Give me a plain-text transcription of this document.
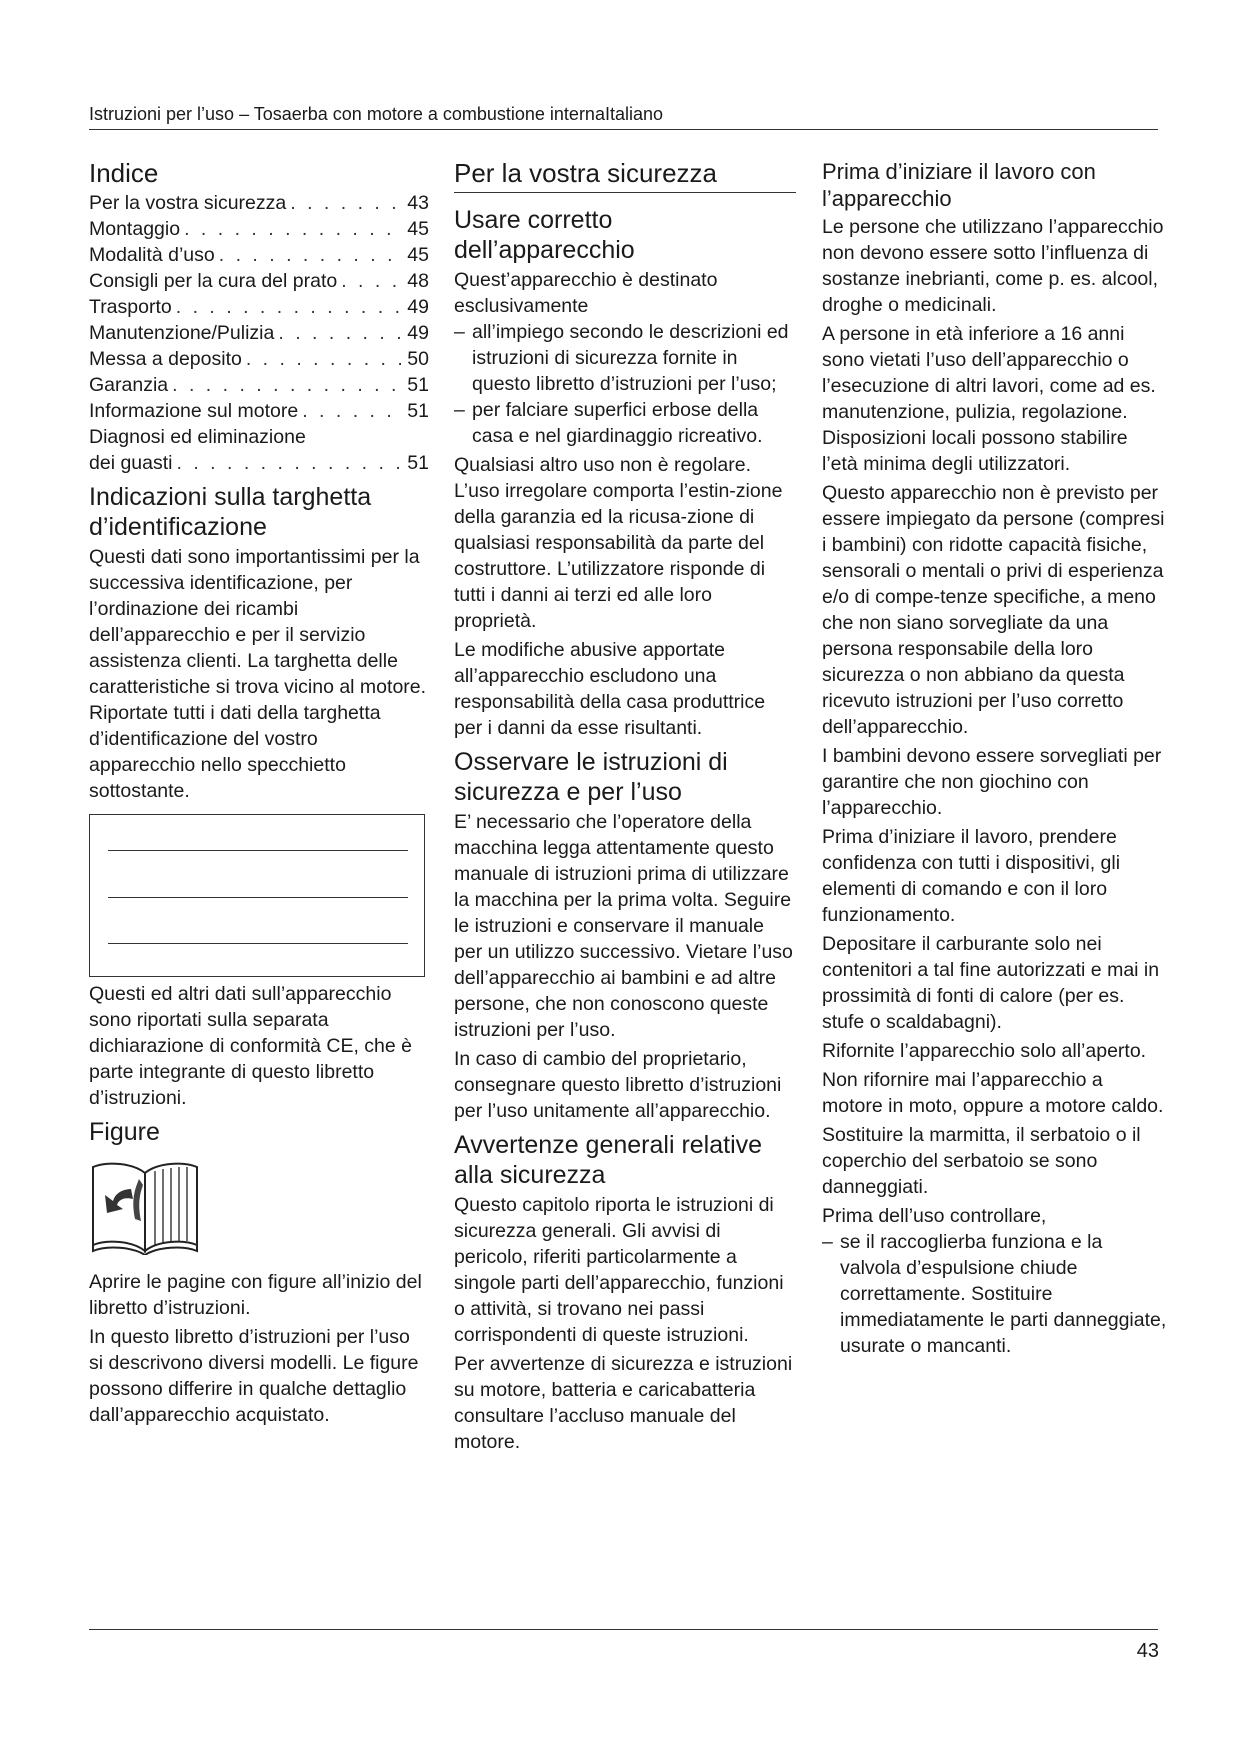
Istruzioni per l’uso – Tosaerba con motore a combustione internaItaliano
Indice
Per la vostra sicurezza . . .	43
Montaggio . . .	45
Modalità d’uso . . .	45
Consigli per la cura del prato . . .	48
Trasporto . . .	49
Manutenzione/Pulizia . . .	49
Messa a deposito . . .	50
Garanzia . . .	51
Informazione sul motore . . .	51
Diagnosi ed eliminazione
dei guasti . . .	51
Indicazioni sulla targhetta d’identificazione

Questi dati sono importantissimi per la successiva identificazione, per l’ordinazione dei ricambi dell’apparecchio e per il servizio assistenza clienti. La targhetta delle caratteristiche si trova vicino al motore. Riportate tutti i dati della targhetta d’identificazione del vostro apparecchio nello specchietto sottostante.

Questi ed altri dati sull’apparecchio sono riportati sulla separata dichiarazione di conformità CE, che è parte integrante di questo libretto d’istruzioni.

Figure

Aprire le pagine con figure all’inizio del libretto d’istruzioni.

In questo libretto d’istruzioni per l’uso si descrivono diversi modelli. Le figure possono differire in qualche dettaglio dall’apparecchio acquistato.

Per la vostra sicurezza
Usare corretto dell’apparecchio

Quest’apparecchio è destinato esclusivamente

– all’impiego secondo le descrizioni ed istruzioni di sicurezza fornite in questo libretto d’istruzioni per l’uso;
– per falciare superfici erbose della casa e nel giardinaggio ricreativo.

Qualsiasi altro uso non è regolare. L’uso irregolare comporta l’estin-zione della garanzia ed la ricusa-zione di qualsiasi responsabilità da parte del costruttore. L’utilizzatore risponde di tutti i danni ai terzi ed alle loro proprietà.

Le modifiche abusive apportate all’apparecchio escludono una responsabilità della casa produttrice per i danni da esse risultanti.

Osservare le istruzioni di sicurezza e per l’uso

E’ necessario che l’operatore della macchina legga attentamente questo manuale di istruzioni prima di utilizzare la macchina per la prima volta. Seguire le istruzioni e conservare il manuale per un utilizzo successivo. Vietare l’uso dell’apparecchio ai bambini e ad altre persone, che non conoscono queste istruzioni per l’uso.

In caso di cambio del proprietario, consegnare questo libretto d’istruzioni per l’uso unitamente all’apparecchio.

Avvertenze generali relative alla sicurezza

Questo capitolo riporta le istruzioni di sicurezza generali. Gli avvisi di pericolo, riferiti particolarmente a singole parti dell’apparecchio, funzioni o attività, si trovano nei passi corrispondenti di queste istruzioni.

Per avvertenze di sicurezza e istruzioni su motore, batteria e caricabatteria consultare l’accluso manuale del motore.

Prima d’iniziare il lavoro con l’apparecchio

Le persone che utilizzano l’apparecchio non devono essere sotto l’influenza di sostanze inebrianti, come p. es. alcool, droghe o medicinali.

A persone in età inferiore a 16 anni sono vietati l’uso dell’apparecchio o l’esecuzione di altri lavori, come ad es. manutenzione, pulizia, regolazione. Disposizioni locali possono stabilire l’età minima degli utilizzatori.

Questo apparecchio non è previsto per essere impiegato da persone (compresi i bambini) con ridotte capacità fisiche, sensorali o mentali o privi di esperienza e/o di compe-tenze specifiche, a meno che non siano sorvegliate da una persona responsabile della loro sicurezza o non abbiano da questa ricevuto istruzioni per l’uso corretto dell’apparecchio.

I bambini devono essere sorvegliati per garantire che non giochino con l’apparecchio.

Prima d’iniziare il lavoro, prendere confidenza con tutti i dispositivi, gli elementi di comando e con il loro funzionamento.

Depositare il carburante solo nei contenitori a tal fine autorizzati e mai in prossimità di fonti di calore (per es. stufe o scaldabagni).

Rifornite l’apparecchio solo all’aperto.

Non rifornire mai l’apparecchio a motore in moto, oppure a motore caldo.

Sostituire la marmitta, il serbatoio o il coperchio del serbatoio se sono danneggiati.

Prima dell’uso controllare,

– se il raccoglierba funziona e la valvola d’espulsione chiude correttamente. Sostituire immediatamente le parti danneggiate, usurate o mancanti.
43
